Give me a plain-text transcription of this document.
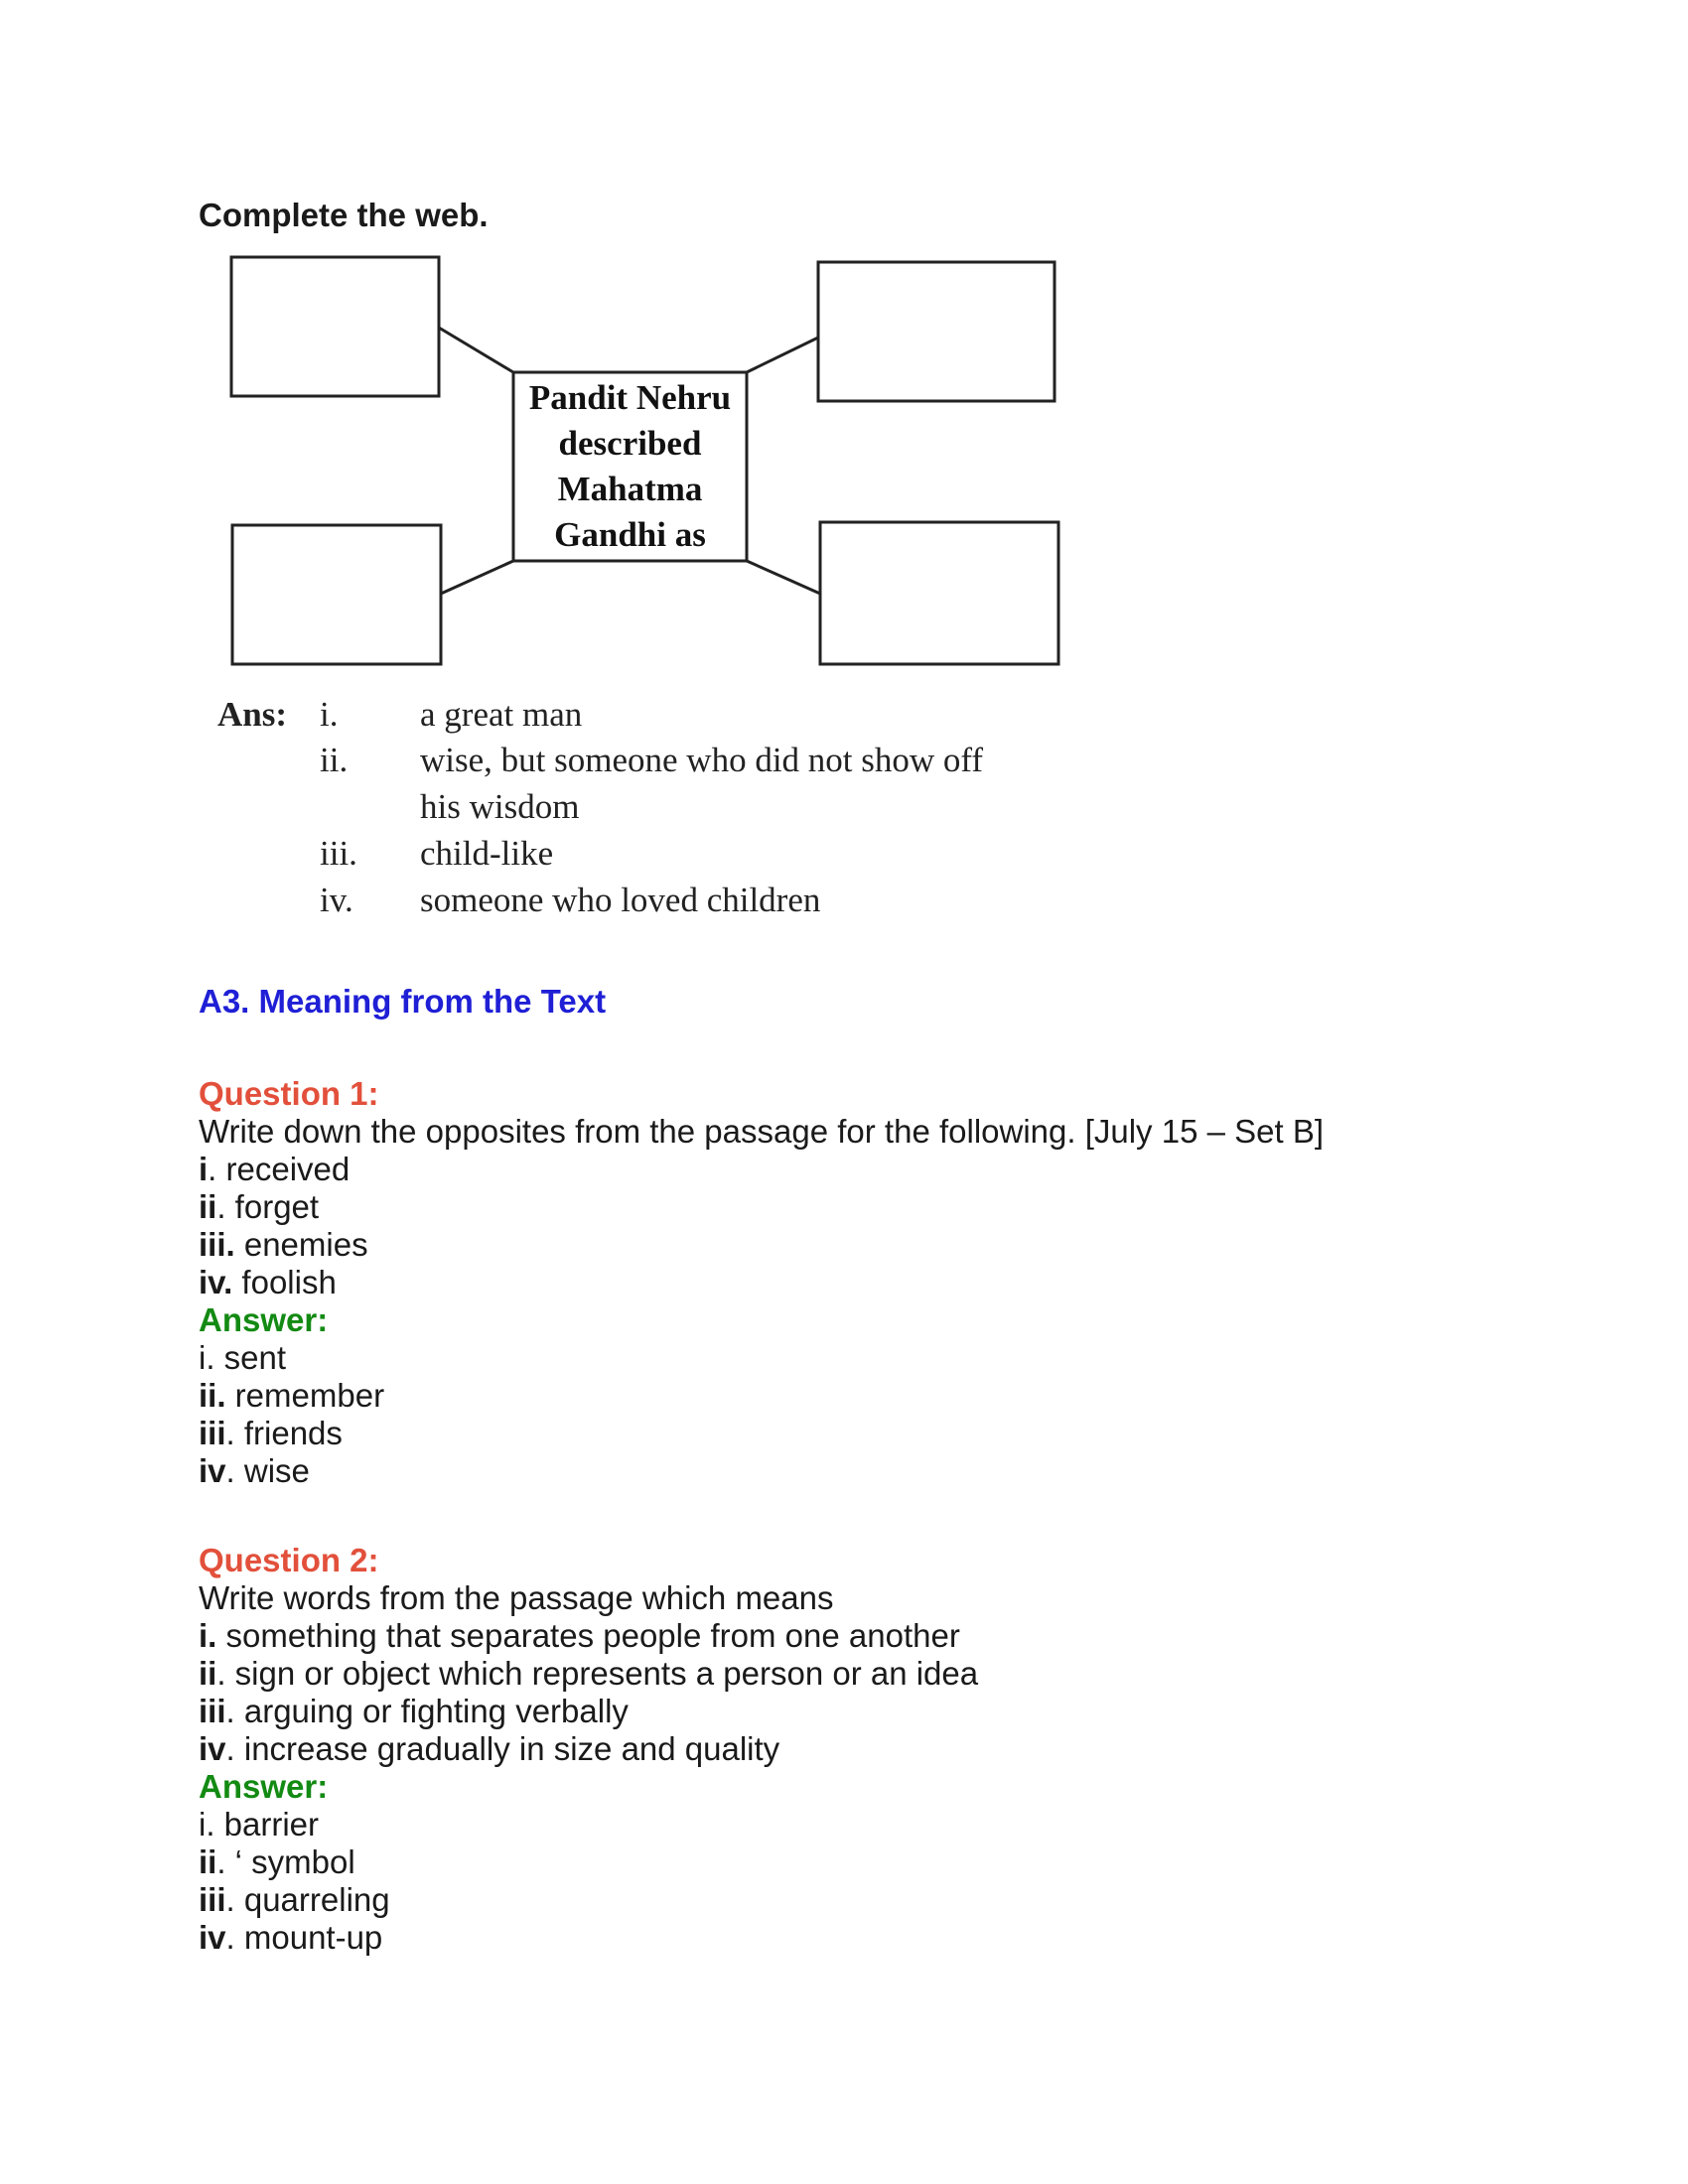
Complete the web.
Pandit Nehru
described
Mahatma
Gandhi as
Ans: i. a great man
ii. wise, but someone who did not show off
his wisdom
iii. child-like
iv. someone who loved children
A3. Meaning from the Text
Question 1:
Write down the opposites from the passage for the following. [July 15 – Set B]
i. received
ii. forget
iii. enemies
iv. foolish
Answer:
i. sent
ii. remember
iii. friends
iv. wise
Question 2:
Write words from the passage which means
i. something that separates people from one another
ii. sign or object which represents a person or an idea
iii. arguing or fighting verbally
iv. increase gradually in size and quality
Answer:
i. barrier
ii. ‘ symbol
iii. quarreling
iv. mount-up
